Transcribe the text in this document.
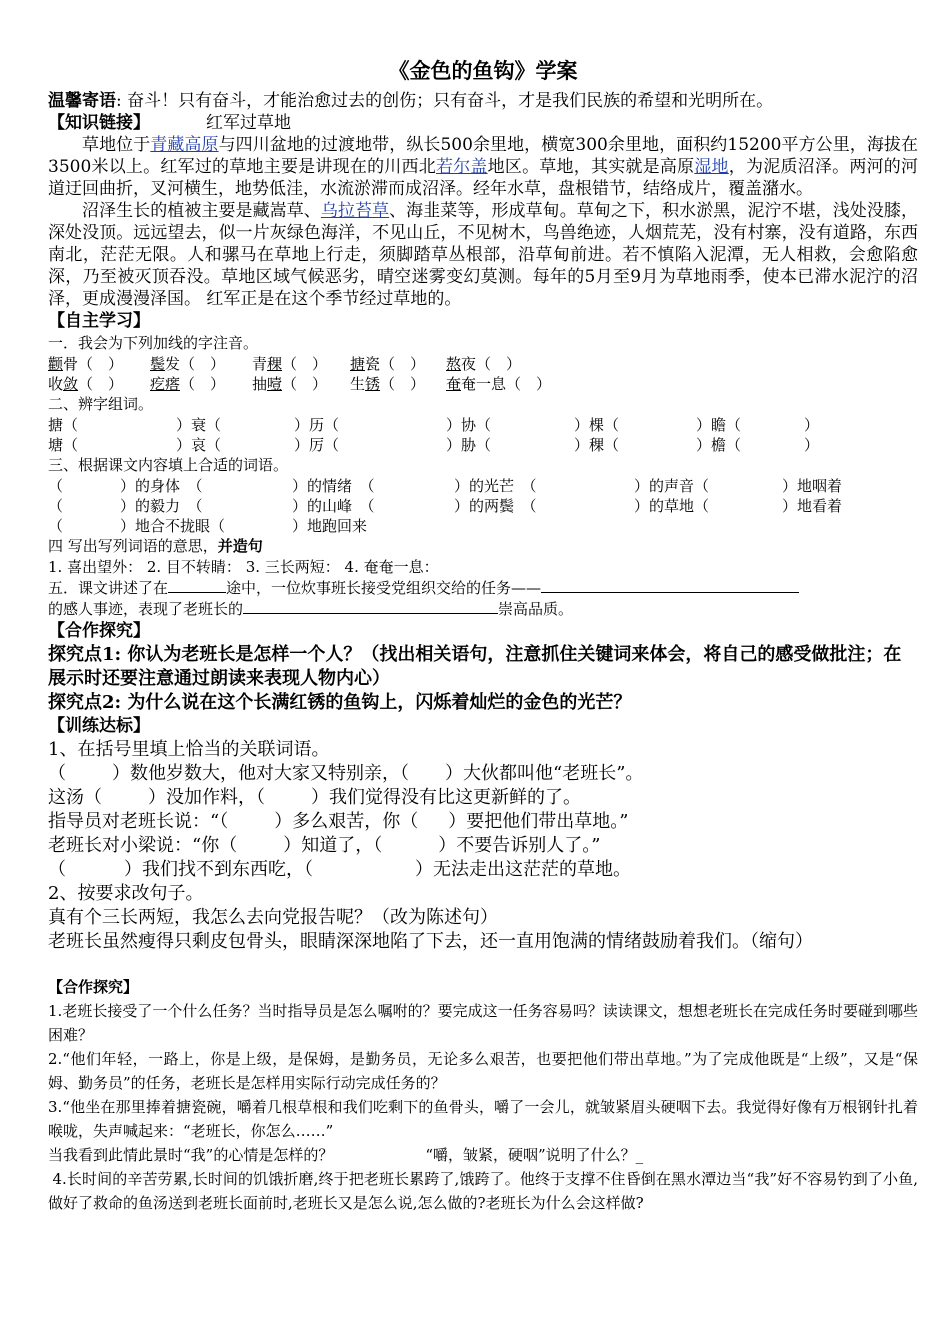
《金色的鱼钩》学案

温馨寄语: 奋斗！只有奋斗，才能治愈过去的创伤；只有奋斗，才是我们民族的希望和光明所在。

【知识链接】	红军过草地

草地位于青藏高原与四川盆地的过渡地带，纵长500余里地，横宽300余里地，面积约15200平方公里，海拔在3500米以上。红军过的草地主要是讲现在的川西北若尔盖地区。草地，其实就是高原湿地，为泥质沼泽。两河的河道迂回曲折，叉河横生，地势低洼，水流淤滞而成沼泽。经年水草，盘根错节，结络成片，覆盖潴水。

沼泽生长的植被主要是藏嵩草、乌拉苔草、海韭菜等，形成草甸。草甸之下，积水淤黑，泥泞不堪，浅处没膝，深处没顶。远远望去，似一片灰绿色海洋，不见山丘，不见树木，鸟兽绝迹，人烟荒芜，没有村寨，没有道路，东西南北，茫茫无限。人和骡马在草地上行走，须脚踏草丛根部，沿草甸前进。若不慎陷入泥潭，无人相救，会愈陷愈深，乃至被灭顶吞没。草地区域气候恶劣，晴空迷雾变幻莫测。每年的5月至9月为草地雨季，使本已滞水泥泞的沼泽，更成漫漫泽国。 红军正是在这个季节经过草地的。

【自主学习】

一．我会为下列加线的字注音。

颧骨（　）	鬓发（　）	青稞（　）	搪瓷（　）	熬夜（　）
收敛（　）	疙瘩（　）	抽噎（　）	生锈（　）	奄奄一息（　）

二、辨字组词。

搪（	）衰（	）历（	）协（	）棵（	）瞻（	）
塘（	）哀（	）厉（	）胁（	）稞（	）檐（	）

三、根据课文内容填上合适的词语。

（	）的身体　（	）的情绪　（	）的光芒　（	）的声音（	）地咽着
（	）的毅力　（	）的山峰　（	）的两鬓　（	）的草地（	）地看着
（	）地合不拢眼（	）地跑回来

四 写出写列词语的意思，并造句

1. 喜出望外： 2. 目不转睛： 3. 三长两短： 4. 奄奄一息：

五．课文讲述了在	途中，一位炊事班长接受党组织交给的任务——

的感人事迹，表现了老班长的	崇高品质。

【合作探究】

探究点1: 你认为老班长是怎样一个人？（找出相关语句，注意抓住关键词来体会，将自己的感受做批注；在展示时还要注意通过朗读来表现人物内心）

探究点2: 为什么说在这个长满红锈的鱼钩上，闪烁着灿烂的金色的光芒？

【训练达标】

1、在括号里填上恰当的关联词语。

（	）数他岁数大，他对大家又特别亲，（ ）大伙都叫他“老班长”。

这汤（	）没加作料，（	）我们觉得没有比这更新鲜的了。

指导员对老班长说：“（	）多么艰苦，你（ ）要把他们带出草地。”

老班长对小梁说：“你（	）知道了，（	）不要告诉别人了。”

（	）我们找不到东西吃，（	）无法走出这茫茫的草地。

2、按要求改句子。

真有个三长两短，我怎么去向党报告呢？（改为陈述句）

老班长虽然瘦得只剩皮包骨头，眼睛深深地陷了下去，还一直用饱满的情绪鼓励着我们。（缩句）

【合作探究】

1.老班长接受了一个什么任务？当时指导员是怎么嘱咐的？要完成这一任务容易吗？读读课文，想想老班长在完成任务时要碰到哪些困难？

2.“他们年轻，一路上，你是上级，是保姆，是勤务员，无论多么艰苦，也要把他们带出草地。”为了完成他既是“上级”，又是“保姆、勤务员”的任务，老班长是怎样用实际行动完成任务的？

3.“他坐在那里捧着搪瓷碗，嚼着几根草根和我们吃剩下的鱼骨头，嚼了一会儿，就皱紧眉头硬咽下去。我觉得好像有万根钢针扎着喉咙，失声喊起来：“老班长，你怎么……”

当我看到此情此景时“我”的心情是怎样的？	“嚼，皱紧，硬咽”说明了什么？_

4.长时间的辛苦劳累,长时间的饥饿折磨,终于把老班长累跨了,饿跨了。他终于支撑不住昏倒在黑水潭边当“我”好不容易钓到了小鱼,做好了救命的鱼汤送到老班长面前时,老班长又是怎么说,怎么做的?老班长为什么会这样做?
